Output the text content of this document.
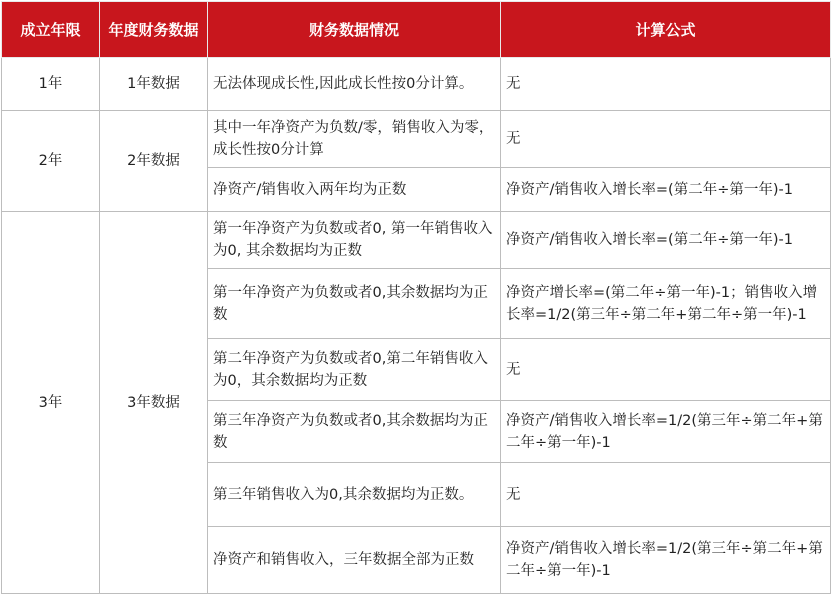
成立年限	年度财务数据	财务数据情况	计算公式
1年	1年数据	无法体现成长性,因此成长性按0分计算。	无
2年	2年数据	其中一年净资产为负数/零，销售收入为零，成长性按0分计算	无
		净资产/销售收入两年均为正数	净资产/销售收入增长率=(第二年÷第一年)-1
3年	3年数据	第一年净资产为负数或者0, 第一年销售收入为0, 其余数据均为正数	净资产/销售收入增长率=(第二年÷第一年)-1
		第一年净资产为负数或者0,其余数据均为正数	净资产增长率=(第二年÷第一年)-1；销售收入增长率=1/2(第三年÷第二年+第二年÷第一年)-1
		第二年净资产为负数或者0,第二年销售收入为0，其余数据均为正数	无
		第三年净资产为负数或者0,其余数据均为正数	净资产/销售收入增长率=1/2(第三年÷第二年+第二年÷第一年)-1
		第三年销售收入为0,其余数据均为正数。	无
		净资产和销售收入，三年数据全部为正数	净资产/销售收入增长率=1/2(第三年÷第二年+第二年÷第一年)-1
